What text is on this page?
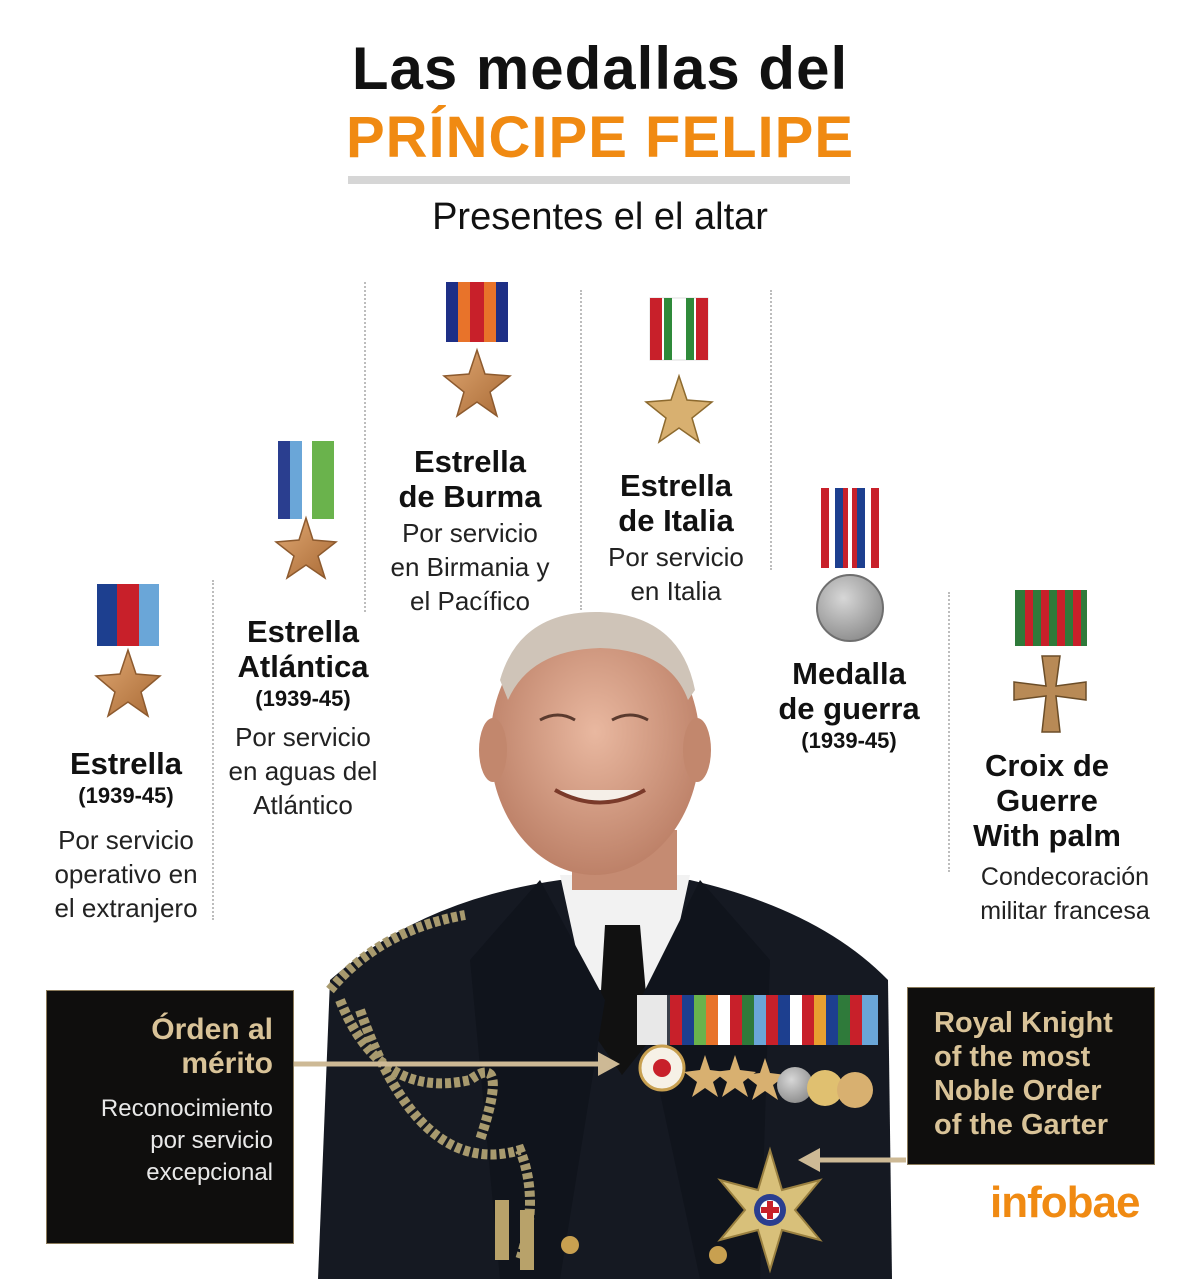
Las medallas del
PRÍNCIPE FELIPE
Presentes el el altar
Estrella
(1939-45)
Por servicio
operativo en
el extranjero
Estrella
Atlántica
(1939-45)
Por servicio
en aguas del
Atlántico
Estrella
de Burma
Por servicio
en Birmania y
el Pacífico
Estrella
de Italia
Por servicio
en Italia
Medalla
de guerra
(1939-45)
Croix de
Guerre
With palm
Condecoración
militar francesa
Órden al
mérito
Reconocimiento
por servicio
excepcional
Royal Knight
of the most
Noble Order
of the Garter
infobae
